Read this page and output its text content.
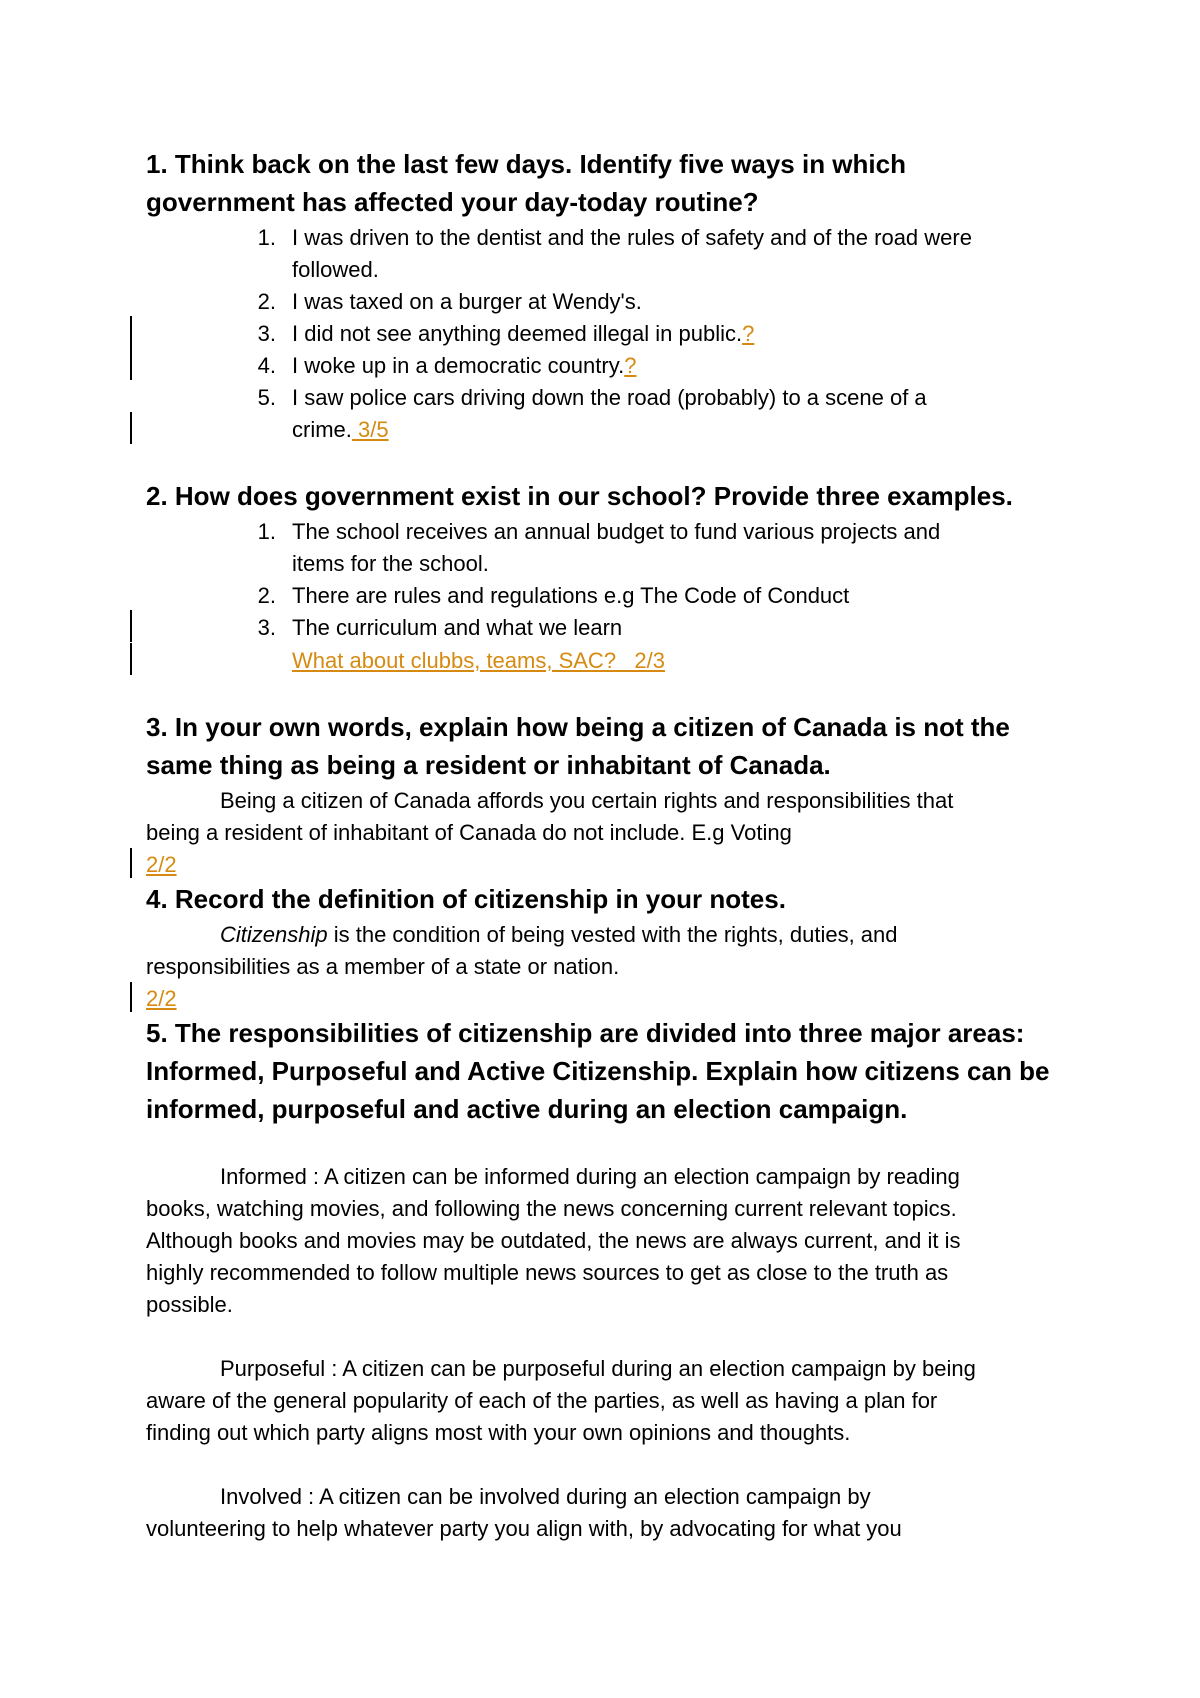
1. Think back on the last few days. Identify five ways in which

government has affected your day-today routine?

1. I was driven to the dentist and the rules of safety and of the road were

followed.

2. I was taxed on a burger at Wendy's.

3. I did not see anything deemed illegal in public.?

4. I woke up in a democratic country.?

5. I saw police cars driving down the road (probably) to a scene of a

crime. 3/5

2. How does government exist in our school? Provide three examples.

1. The school receives an annual budget to fund various projects and

items for the school.

2. There are rules and regulations e.g The Code of Conduct

3. The curriculum and what we learn

What about clubbs, teams, SAC?   2/3

3. In your own words, explain how being a citizen of Canada is not the

same thing as being a resident or inhabitant of Canada.

Being a citizen of Canada affords you certain rights and responsibilities that

being a resident of inhabitant of Canada do not include. E.g Voting

2/2

4. Record the definition of citizenship in your notes.

Citizenship is the condition of being vested with the rights, duties, and

responsibilities as a member of a state or nation.

2/2

5. The responsibilities of citizenship are divided into three major areas:

Informed, Purposeful and Active Citizenship. Explain how citizens can be

informed, purposeful and active during an election campaign.

Informed : A citizen can be informed during an election campaign by reading

books, watching movies, and following the news concerning current relevant topics.

Although books and movies may be outdated, the news are always current, and it is

highly recommended to follow multiple news sources to get as close to the truth as

possible.

Purposeful : A citizen can be purposeful during an election campaign by being

aware of the general popularity of each of the parties, as well as having a plan for

finding out which party aligns most with your own opinions and thoughts.

Involved : A citizen can be involved during an election campaign by

volunteering to help whatever party you align with, by advocating for what you
